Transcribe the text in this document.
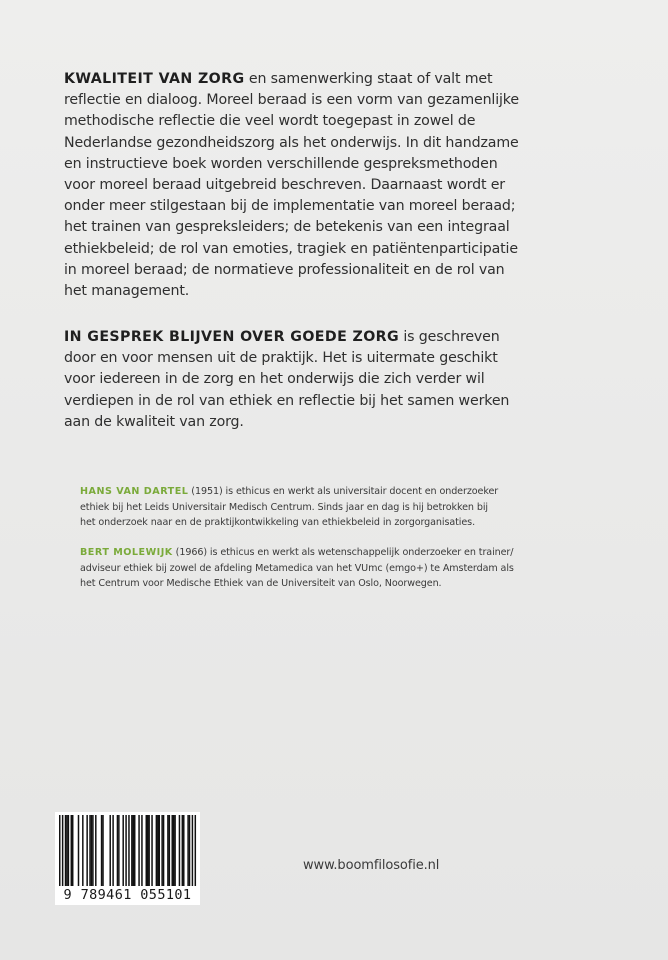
KWALITEIT VAN ZORG en samenwerking staat of valt met
reflectie en dialoog. Moreel beraad is een vorm van gezamenlijke
methodische reflectie die veel wordt toegepast in zowel de
Nederlandse gezondheidszorg als het onderwijs. In dit handzame
en instructieve boek worden verschillende gespreksmethoden
voor moreel beraad uitgebreid beschreven. Daarnaast wordt er
onder meer stilgestaan bij de implementatie van moreel beraad;
het trainen van gespreksleiders; de betekenis van een integraal
ethiekbeleid; de rol van emoties, tragiek en patiëntenparticipatie
in moreel beraad; de normatieve professionaliteit en de rol van
het management.

IN GESPREK BLIJVEN OVER GOEDE ZORG is geschreven
door en voor mensen uit de praktijk. Het is uitermate geschikt
voor iedereen in de zorg en het onderwijs die zich verder wil
verdiepen in de rol van ethiek en reflectie bij het samen werken
aan de kwaliteit van zorg.

HANS VAN DARTEL (1951) is ethicus en werkt als universitair docent en onderzoeker
ethiek bij het Leids Universitair Medisch Centrum. Sinds jaar en dag is hij betrokken bij
het onderzoek naar en de praktijkontwikkeling van ethiekbeleid in zorgorganisaties.

BERT MOLEWIJK (1966) is ethicus en werkt als wetenschappelijk onderzoeker en trainer/
adviseur ethiek bij zowel de afdeling Metamedica van het VUmc (emgo+) te Amsterdam als
het Centrum voor Medische Ethiek van de Universiteit van Oslo, Noorwegen.

9 789461 055101
www.boomfilosofie.nl
